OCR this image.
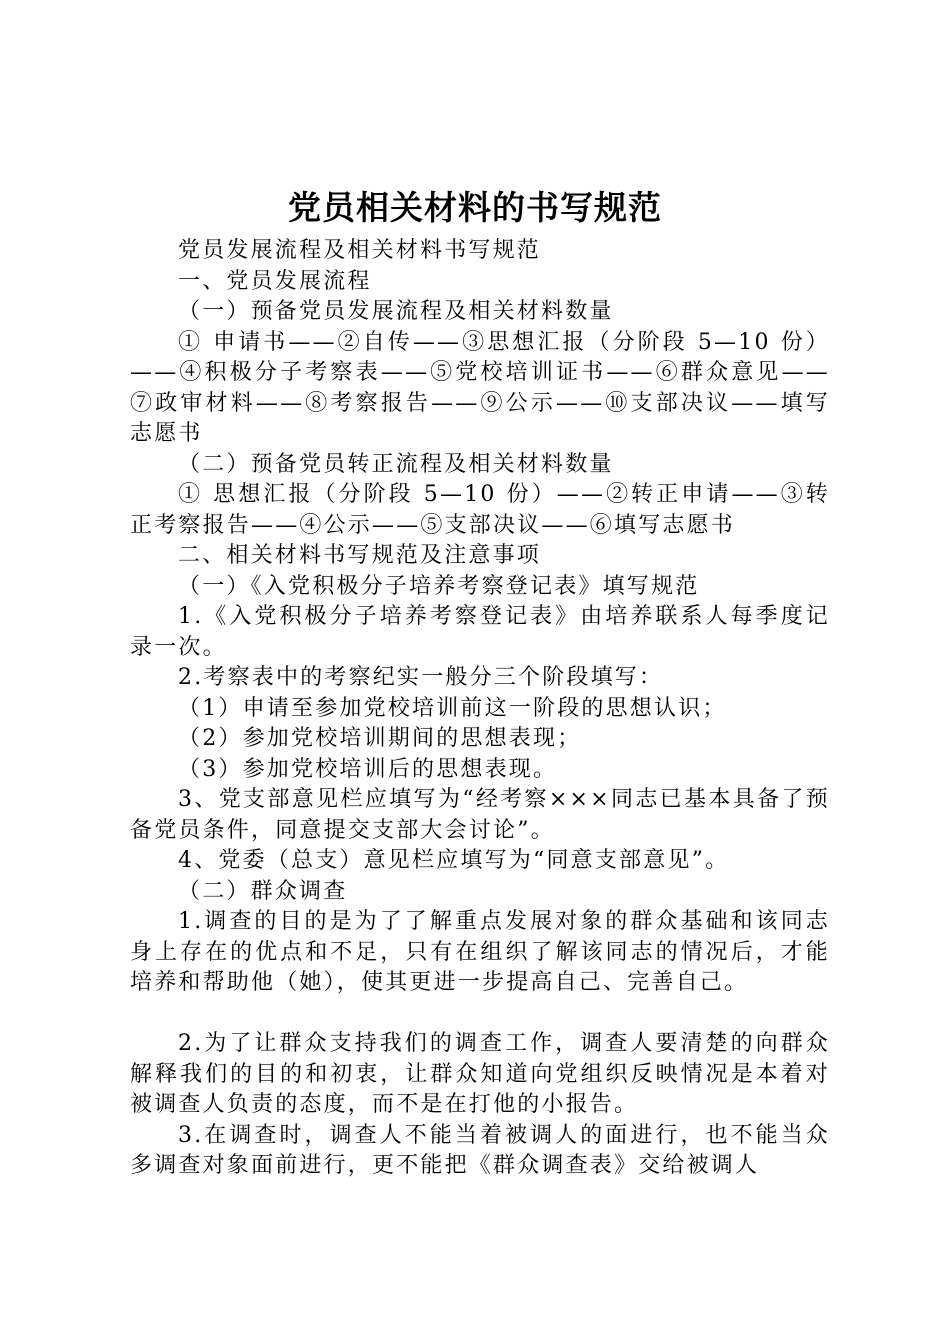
党员相关材料的书写规范

党员发展流程及相关材料书写规范

一、党员发展流程

（一）预备党员发展流程及相关材料数量

① 申请书——②自传——③思想汇报（分阶段 5—10 份）——④积极分子考察表——⑤党校培训证书——⑥群众意见——⑦政审材料——⑧考察报告——⑨公示——⑩支部决议——填写志愿书

（二）预备党员转正流程及相关材料数量

① 思想汇报（分阶段 5—10 份）——②转正申请——③转正考察报告——④公示——⑤支部决议——⑥填写志愿书

二、相关材料书写规范及注意事项

（一）《入党积极分子培养考察登记表》填写规范

1.《入党积极分子培养考察登记表》由培养联系人每季度记录一次。

2.考察表中的考察纪实一般分三个阶段填写：

（1）申请至参加党校培训前这一阶段的思想认识；

（2）参加党校培训期间的思想表现；

（3）参加党校培训后的思想表现。

3、党支部意见栏应填写为“经考察×××同志已基本具备了预备党员条件，同意提交支部大会讨论”。

4、党委（总支）意见栏应填写为“同意支部意见”。

（二）群众调查

1.调查的目的是为了了解重点发展对象的群众基础和该同志身上存在的优点和不足，只有在组织了解该同志的情况后，才能培养和帮助他（她），使其更进一步提高自己、完善自己。

2.为了让群众支持我们的调查工作，调查人要清楚的向群众解释我们的目的和初衷，让群众知道向党组织反映情况是本着对被调查人负责的态度，而不是在打他的小报告。

3.在调查时，调查人不能当着被调人的面进行，也不能当众多调查对象面前进行，更不能把《群众调查表》交给被调人
